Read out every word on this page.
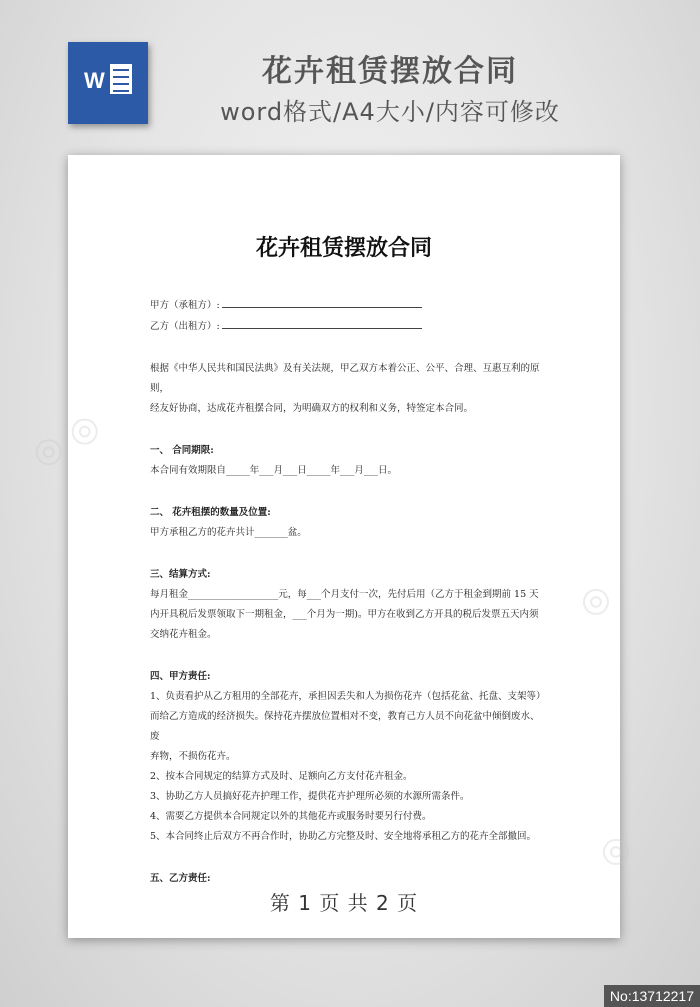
W	花卉租赁摆放合同
word格式/A4大小/内容可修改
花卉租赁摆放合同

甲方（承租方）:

乙方（出租方）:

根据《中华人民共和国民法典》及有关法规，甲乙双方本着公正、公平、合理、互惠互利的原则，

经友好协商，达成花卉租摆合同，为明确双方的权利和义务，特签定本合同。

一、 合同期限:

本合同有效期限自_____年___月___日_____年___月___日。

二、 花卉租摆的数量及位置:

甲方承租乙方的花卉共计_______盆。

三、结算方式:

每月租金___________________元，每___个月支付一次，先付后用（乙方于租金到期前 15 天

内开具税后发票领取下一期租金，___个月为一期)。甲方在收到乙方开具的税后发票五天内须

交纳花卉租金。

四、甲方责任:

1、负责看护从乙方租用的全部花卉，承担因丢失和人为损伤花卉（包括花盆、托盘、支架等）

而给乙方造成的经济损失。保持花卉摆放位置相对不变，教育己方人员不向花盆中倾倒废水、废

弃物，不损伤花卉。

2、按本合同规定的结算方式及时、足额向乙方支付花卉租金。

3、协助乙方人员搞好花卉护理工作，提供花卉护理所必须的水源所需条件。

4、需要乙方提供本合同规定以外的其他花卉或服务时要另行付费。

5、本合同终止后双方不再合作时，协助乙方完整及时、安全地将承租乙方的花卉全部撤回。

五、乙方责任:

第 1 页 共 2 页
◎ ◎
◎
◎
No:13712217
